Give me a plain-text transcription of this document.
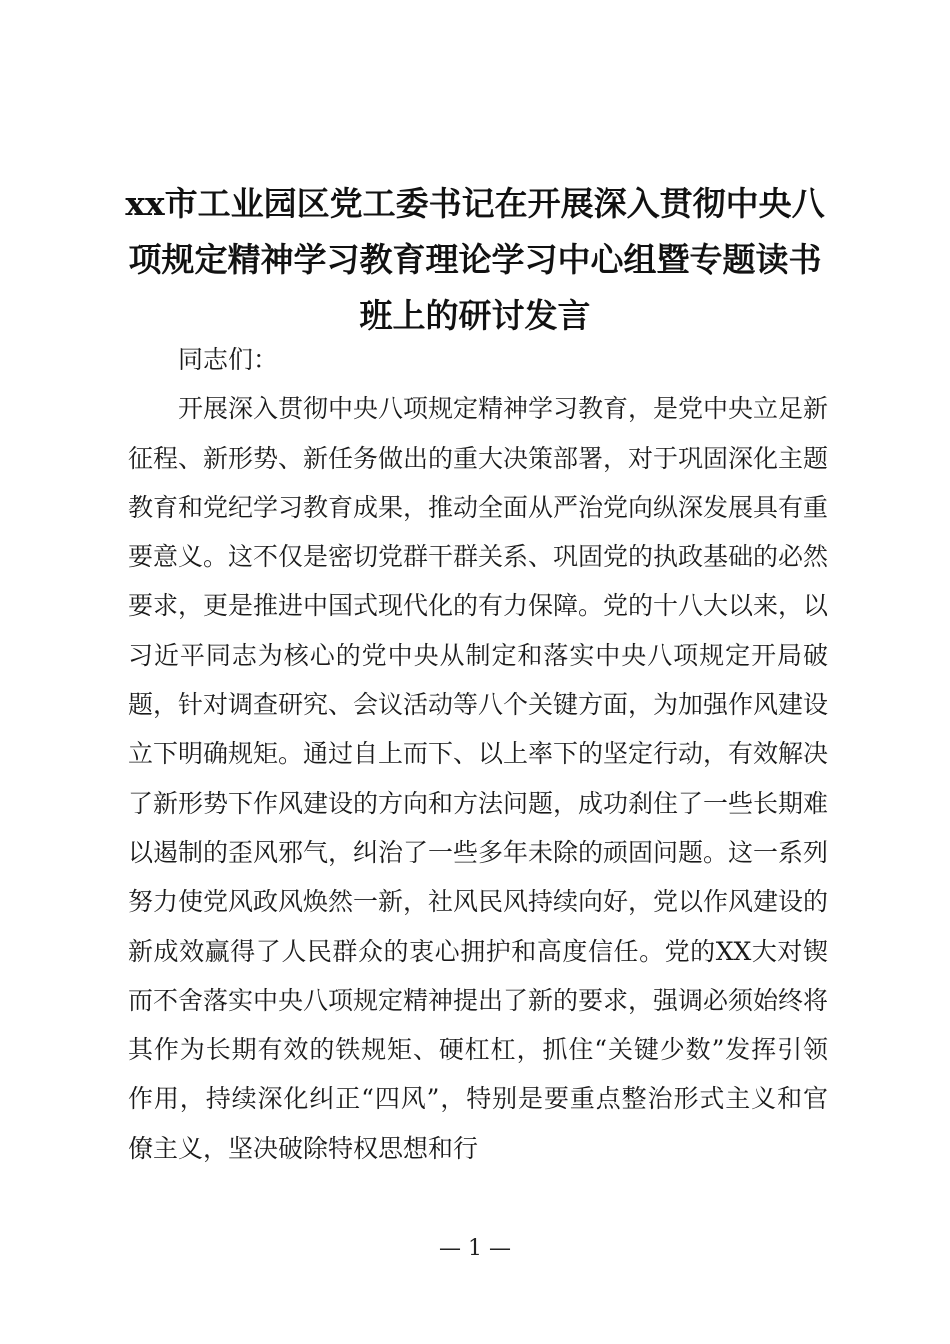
xx市工业园区党工委书记在开展深入贯彻中央八项规定精神学习教育理论学习中心组暨专题读书班上的研讨发言

同志们：

开展深入贯彻中央八项规定精神学习教育，是党中央立足新征程、新形势、新任务做出的重大决策部署，对于巩固深化主题教育和党纪学习教育成果，推动全面从严治党向纵深发展具有重要意义。这不仅是密切党群干群关系、巩固党的执政基础的必然要求，更是推进中国式现代化的有力保障。党的十八大以来，以习近平同志为核心的党中央从制定和落实中央八项规定开局破题，针对调查研究、会议活动等八个关键方面，为加强作风建设立下明确规矩。通过自上而下、以上率下的坚定行动，有效解决了新形势下作风建设的方向和方法问题，成功刹住了一些长期难以遏制的歪风邪气，纠治了一些多年未除的顽固问题。这一系列努力使党风政风焕然一新，社风民风持续向好，党以作风建设的新成效赢得了人民群众的衷心拥护和高度信任。党的XX大对锲而不舍落实中央八项规定精神提出了新的要求，强调必须始终将其作为长期有效的铁规矩、硬杠杠，抓住“关键少数”发挥引领作用，持续深化纠正“四风”，特别是要重点整治形式主义和官僚主义，坚决破除特权思想和行

— 1 —
